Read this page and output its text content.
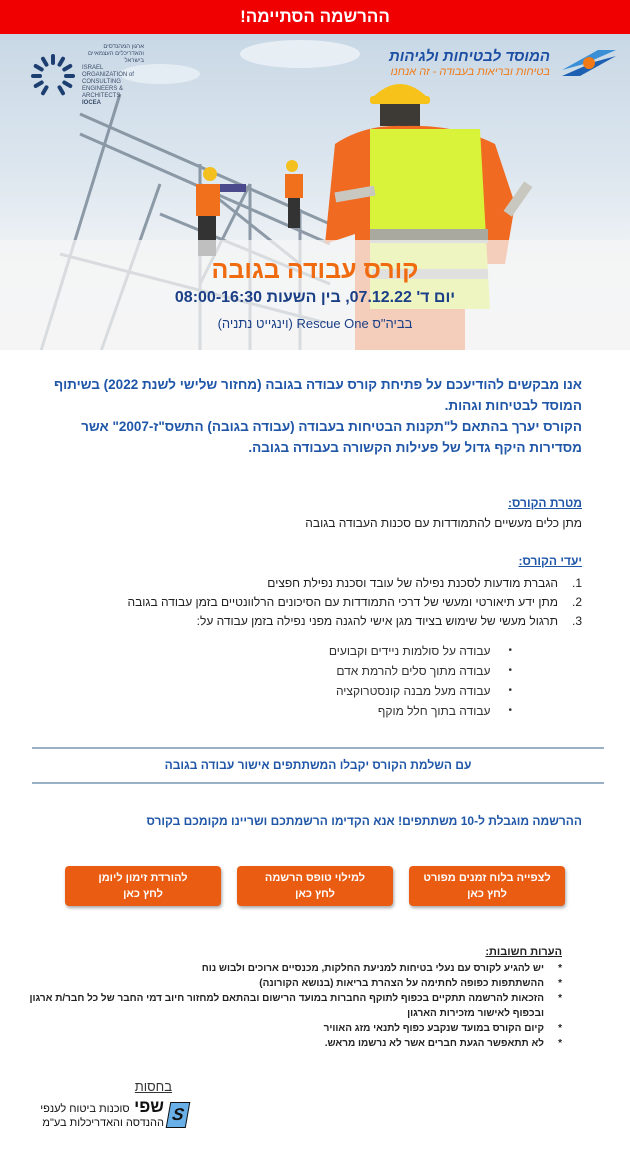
ההרשמה הסתיימה!
ארגון המהנדסים והאדריכלים העצמאיים בישראל
ISRAEL ORGANIZATION of CONSULTING ENGINEERS & ARCHITECTS
IOCEA
המוסד לבטיחות ולגיהות
בטיחות ובריאות בעבודה - זה אנחנו
קורס עבודה בגובה
יום ד' 07.12.22, בין השעות 08:00-16:30
בביה"ס Rescue One (וינגייט נתניה)
אנו מבקשים להודיעכם על פתיחת קורס עבודה בגובה (מחזור שלישי לשנת 2022) בשיתוף המוסד לבטיחות וגהות.
הקורס יערך בהתאם ל"תקנות הבטיחות בעבודה (עבודה בגובה) התשס"ז-2007" אשר מסדירות היקף גדול של פעילות הקשורה בעבודה בגובה.
מטרת הקורס:
מתן כלים מעשיים להתמודדות עם סכנות העבודה בגובה
יעדי הקורס:
1.
הגברת מודעות לסכנת נפילה של עובד וסכנת נפילת חפצים
2.
מתן ידע תיאורטי ומעשי של דרכי התמודדות עם הסיכונים הרלוונטיים בזמן עבודה בגובה
3.
תרגול מעשי של שימוש בציוד מגן אישי להגנה מפני נפילה בזמן עבודה על:
•
עבודה על סולמות ניידים וקבועים
•
עבודה מתוך סלים להרמת אדם
•
עבודה מעל מבנה קונסטרוקציה
•
עבודה בתוך חלל מוקף
עם השלמת הקורס יקבלו המשתתפים אישור עבודה בגובה
ההרשמה מוגבלת ל-10 משתתפים! אנא הקדימו הרשמתכם ושריינו מקומכם בקורס
לצפייה בלוח זמנים מפורט
לחץ כאן
למילוי טופס הרשמה
לחץ כאן
להורדת זימון ליומן
לחץ כאן
הערות חשובות:
*
יש להגיע לקורס עם נעלי בטיחות למניעת החלקות, מכנסיים ארוכים ולבוש נוח
*
ההשתתפות כפופה לחתימה על הצהרת בריאות (בנושא הקורונה)
*
הזכאות להרשמה תתקיים בכפוף לתוקף החברות במועד הרישום ובהתאם למחזור חיוב דמי החבר של כל חבר/ת ארגון ובכפוף לאישור מזכירות הארגון
*
קיום הקורס במועד שנקבע כפוף לתנאי מזג האוויר
*
לא תתאפשר הגעת חברים אשר לא נרשמו מראש.
בחסות
S
שפי סוכנות ביטוח לענפי
ההנדסה והאדריכלות בע"מ
